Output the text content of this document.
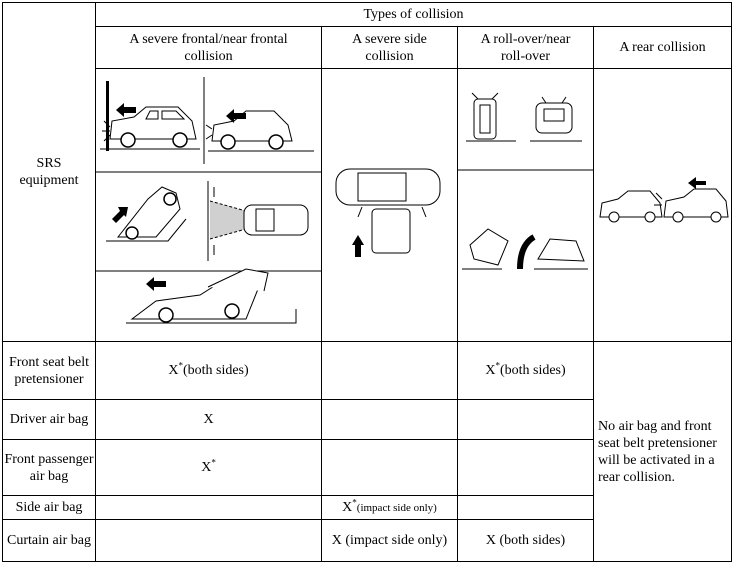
SRS equipment	Types of collision			
	A severe frontal/near frontal collision	A severe side collision	A roll-over/near roll-over	A rear collision

Front seat belt pretensioner	X*(both sides)		X*(both sides)	No air bag and front seat belt pretensioner will be activated in a rear collision.
Driver air bag	X			
Front passenger air bag	X*		
Side air bag		X*(impact side only)		
Curtain air bag		X (impact side only)	X (both sides)	
